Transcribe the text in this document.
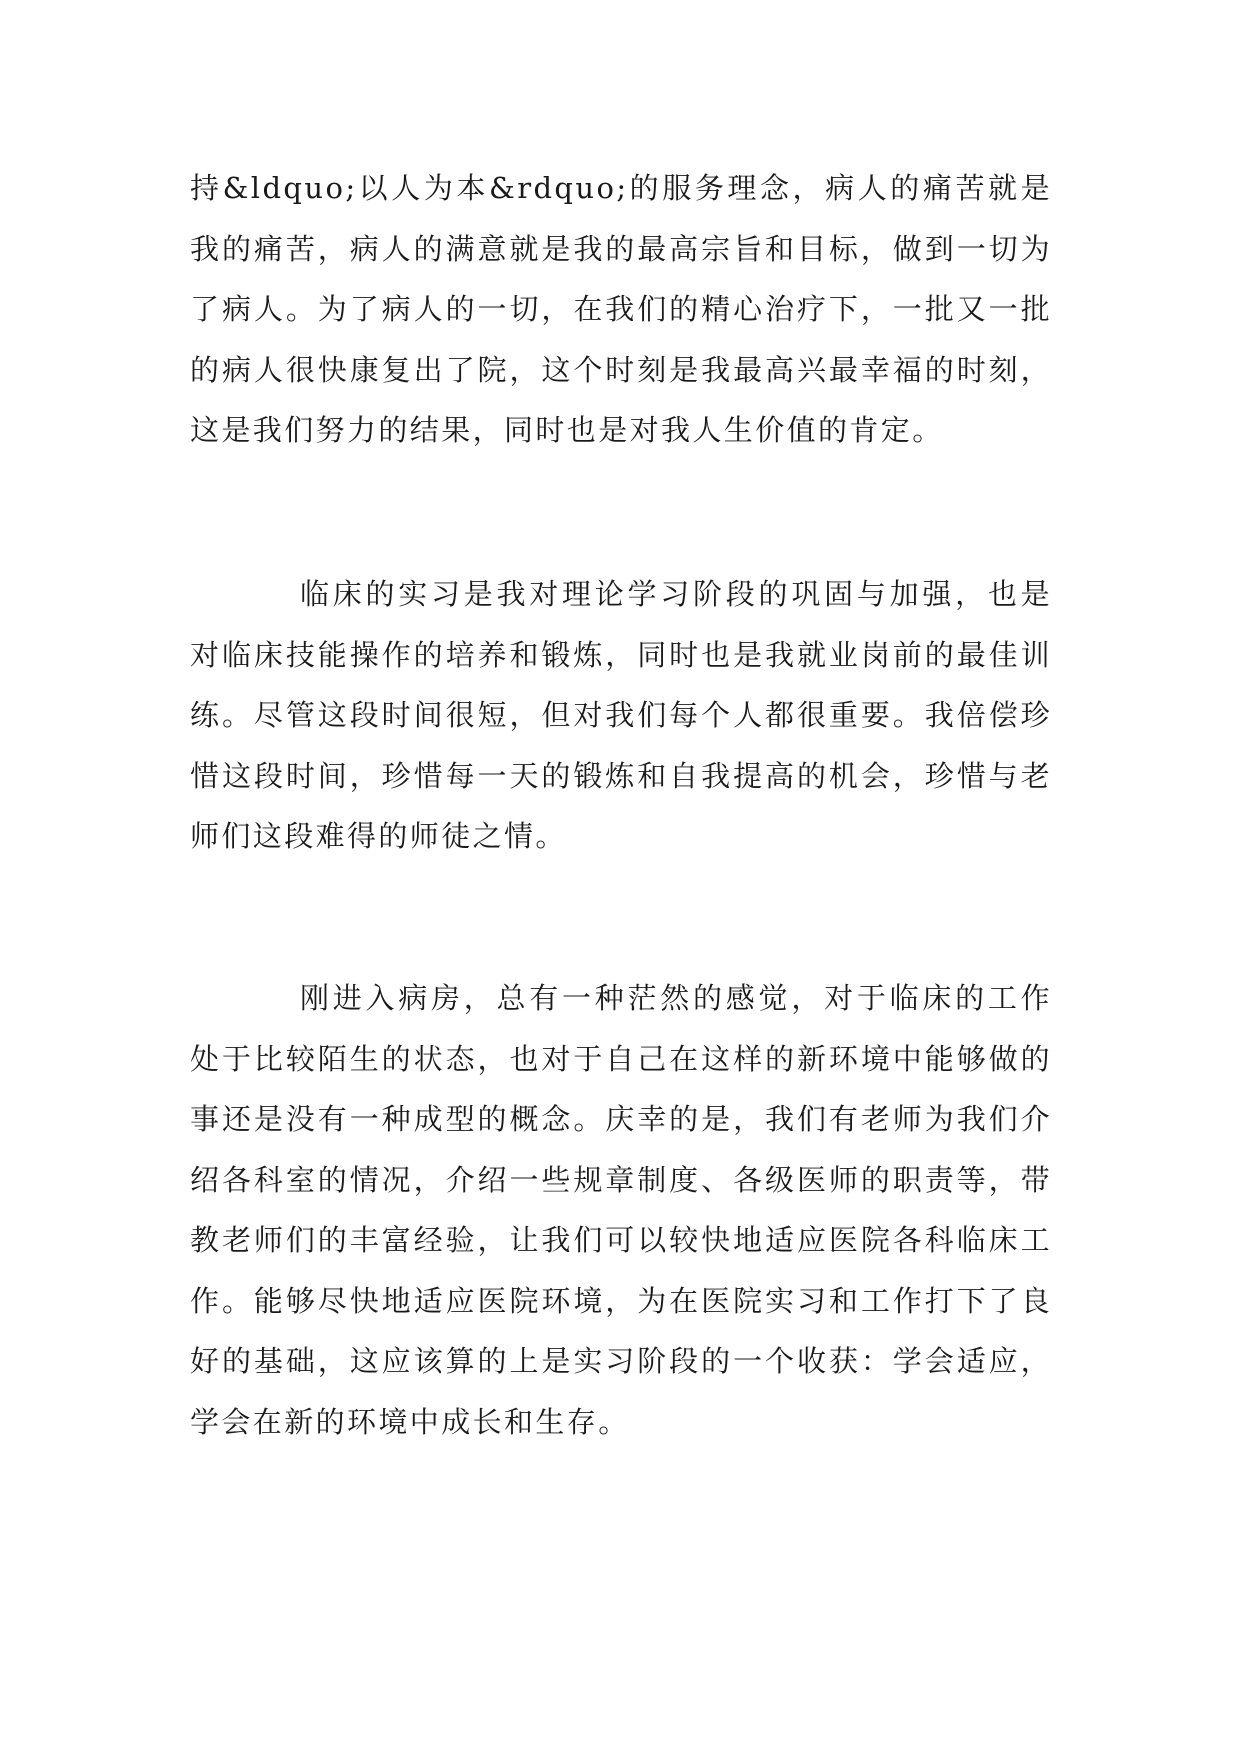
持&ldquo;以人为本&rdquo;的服务理念，病人的痛苦就是我的痛苦，病人的满意就是我的最高宗旨和目标，做到一切为了病人。为了病人的一切，在我们的精心治疗下，一批又一批的病人很快康复出了院，这个时刻是我最高兴最幸福的时刻，这是我们努力的结果，同时也是对我人生价值的肯定。

临床的实习是我对理论学习阶段的巩固与加强，也是对临床技能操作的培养和锻炼，同时也是我就业岗前的最佳训练。尽管这段时间很短，但对我们每个人都很重要。我倍偿珍惜这段时间，珍惜每一天的锻炼和自我提高的机会，珍惜与老师们这段难得的师徒之情。

刚进入病房，总有一种茫然的感觉，对于临床的工作处于比较陌生的状态，也对于自己在这样的新环境中能够做的事还是没有一种成型的概念。庆幸的是，我们有老师为我们介绍各科室的情况，介绍一些规章制度、各级医师的职责等，带教老师们的丰富经验，让我们可以较快地适应医院各科临床工作。能够尽快地适应医院环境，为在医院实习和工作打下了良好的基础，这应该算的上是实习阶段的一个收获：学会适应，学会在新的环境中成长和生存。
